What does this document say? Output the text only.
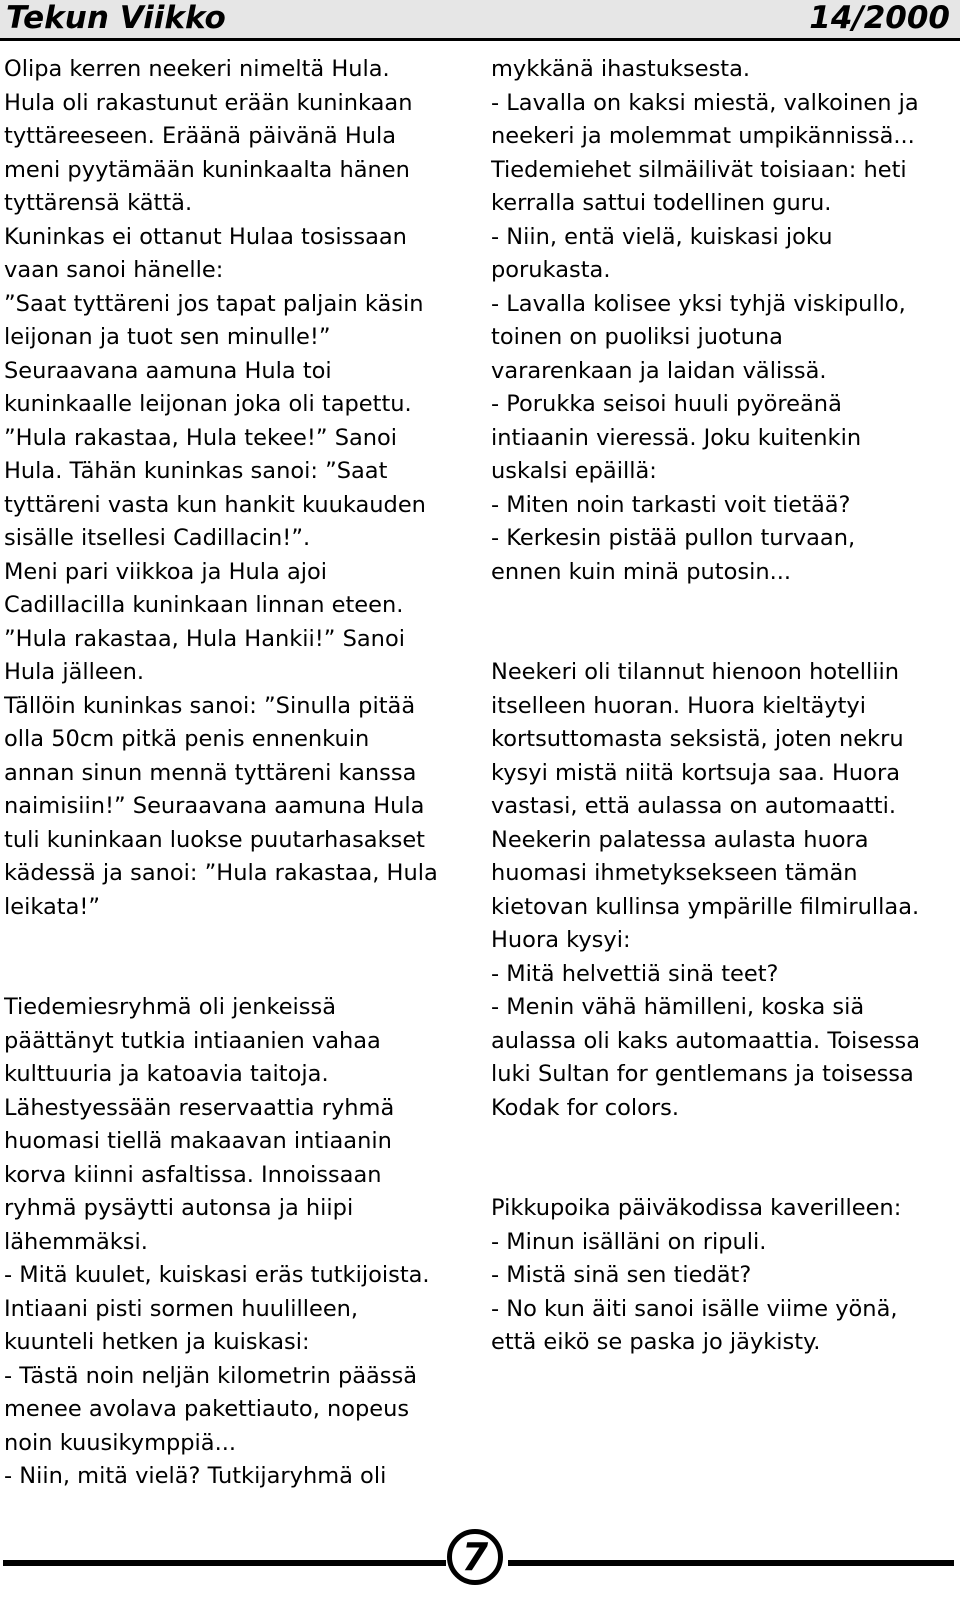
Tekun Viikko	14/2000

Olipa kerren neekeri nimeltä Hula.

Hula oli rakastunut erään kuninkaan

tyttäreeseen. Eräänä päivänä Hula

meni pyytämään kuninkaalta hänen

tyttärensä kättä.

Kuninkas ei ottanut Hulaa tosissaan

vaan sanoi hänelle:

”Saat tyttäreni jos tapat paljain käsin

leijonan ja tuot sen minulle!”

Seuraavana aamuna Hula toi

kuninkaalle leijonan joka oli tapettu.

”Hula rakastaa, Hula tekee!” Sanoi

Hula. Tähän kuninkas sanoi: ”Saat

tyttäreni vasta kun hankit kuukauden

sisälle itsellesi Cadillacin!”.

Meni pari viikkoa ja Hula ajoi

Cadillacilla kuninkaan linnan eteen.

”Hula rakastaa, Hula Hankii!” Sanoi

Hula jälleen.

Tällöin kuninkas sanoi: ”Sinulla pitää

olla 50cm pitkä penis ennenkuin

annan sinun mennä tyttäreni kanssa

naimisiin!” Seuraavana aamuna Hula

tuli kuninkaan luokse puutarhasakset

kädessä ja sanoi: ”Hula rakastaa, Hula

leikata!”

Tiedemiesryhmä oli jenkeissä

päättänyt tutkia intiaanien vahaa

kulttuuria ja katoavia taitoja.

Lähestyessään reservaattia ryhmä

huomasi tiellä makaavan intiaanin

korva kiinni asfaltissa. Innoissaan

ryhmä pysäytti autonsa ja hiipi

lähemmäksi.

- Mitä kuulet, kuiskasi eräs tutkijoista.

Intiaani pisti sormen huulilleen,

kuunteli hetken ja kuiskasi:

- Tästä noin neljän kilometrin päässä

menee avolava pakettiauto, nopeus

noin kuusikymppiä...

- Niin, mitä vielä? Tutkijaryhmä oli

mykkänä ihastuksesta.

- Lavalla on kaksi miestä, valkoinen ja

neekeri ja molemmat umpikännissä...

Tiedemiehet silmäilivät toisiaan: heti

kerralla sattui todellinen guru.

- Niin, entä vielä, kuiskasi joku

porukasta.

- Lavalla kolisee yksi tyhjä viskipullo,

toinen on puoliksi juotuna

vararenkaan ja laidan välissä.

- Porukka seisoi huuli pyöreänä

intiaanin vieressä. Joku kuitenkin

uskalsi epäillä:

- Miten noin tarkasti voit tietää?

- Kerkesin pistää pullon turvaan,

ennen kuin minä putosin...

Neekeri oli tilannut hienoon hotelliin

itselleen huoran. Huora kieltäytyi

kortsuttomasta seksistä, joten nekru

kysyi mistä niitä kortsuja saa. Huora

vastasi, että aulassa on automaatti.

Neekerin palatessa aulasta huora

huomasi ihmetyksekseen tämän

kietovan kullinsa ympärille filmirullaa.

Huora kysyi:

- Mitä helvettiä sinä teet?

- Menin vähä hämilleni, koska siä

aulassa oli kaks automaattia. Toisessa

luki Sultan for gentlemans ja toisessa

Kodak for colors.

Pikkupoika päiväkodissa kaverilleen:

- Minun isälläni on ripuli.

- Mistä sinä sen tiedät?

- No kun äiti sanoi isälle viime yönä,

että eikö se paska jo jäykisty.

7
